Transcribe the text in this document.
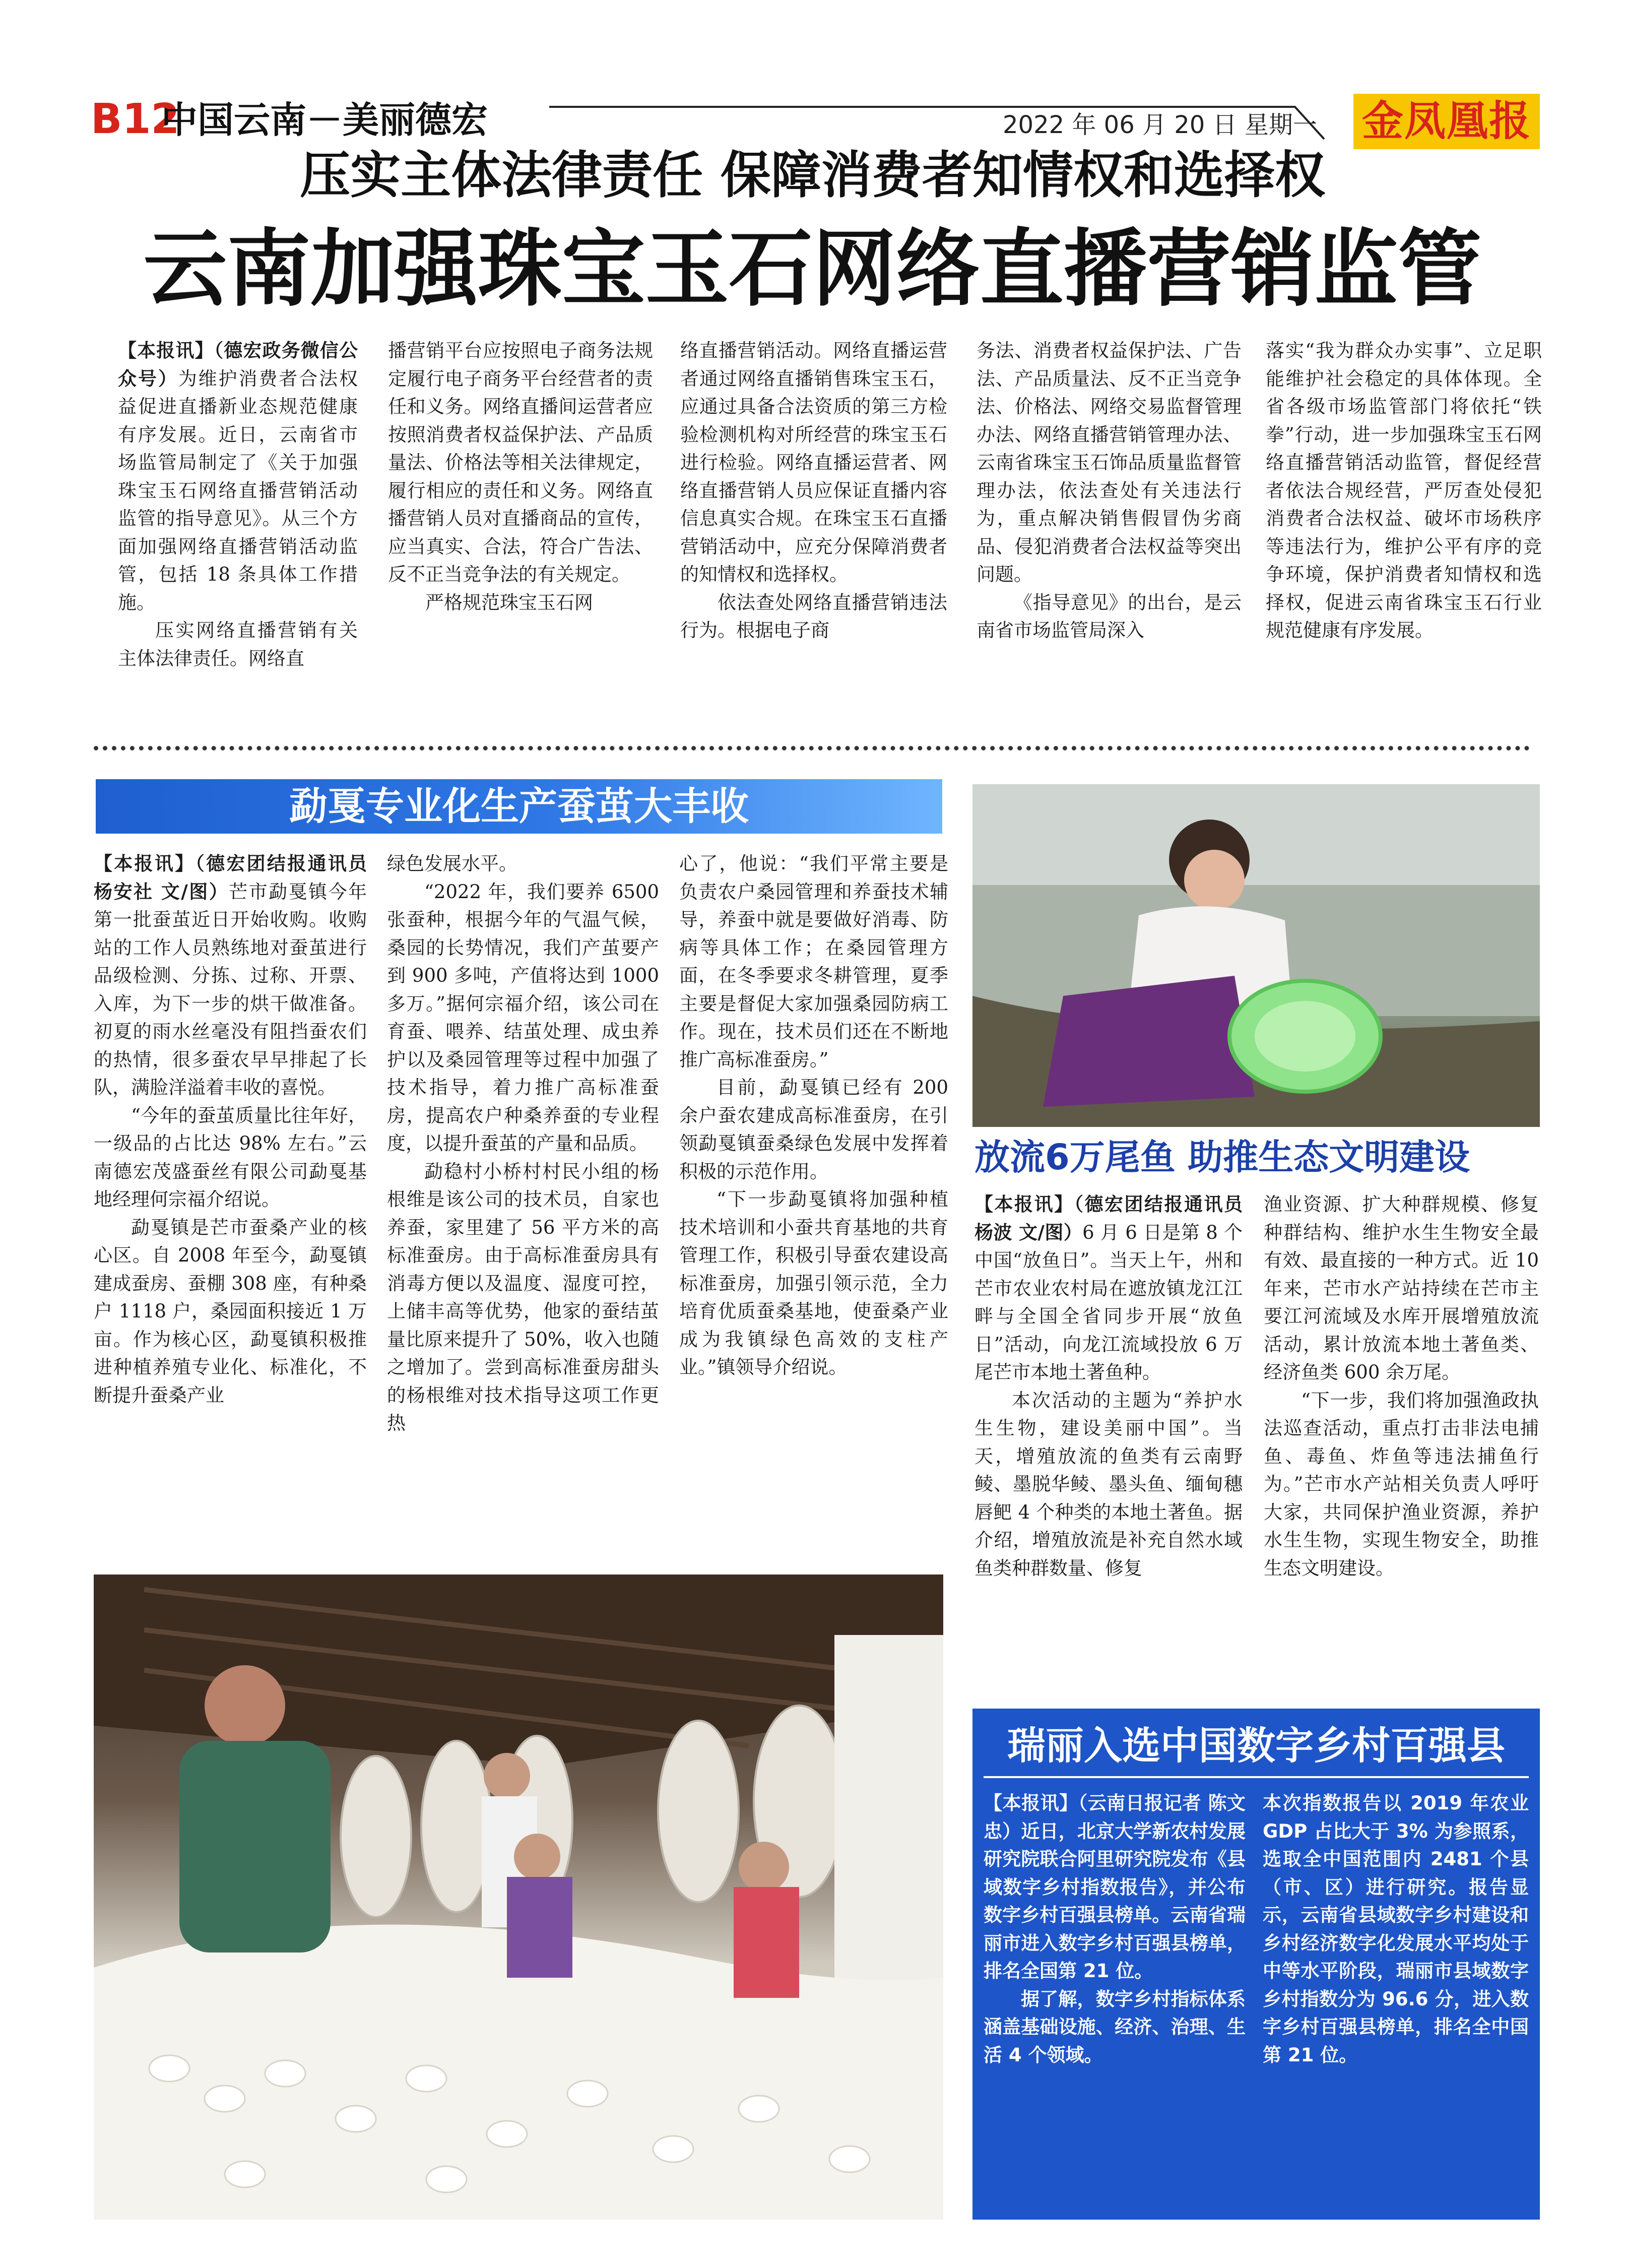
B12
中国云南－美丽德宏	2022 年 06 月 20 日 星期一 金凤凰报
压实主体法律责任 保障消费者知情权和选择权
云南加强珠宝玉石网络直播营销监管

【本报讯】（德宏政务微信公众号）为维护消费者合法权益促进直播新业态规范健康有序发展。近日，云南省市场监管局制定了《关于加强珠宝玉石网络直播营销活动监管的指导意见》。从三个方面加强网络直播营销活动监管，包括 18 条具体工作措施。

压实网络直播营销有关主体法律责任。网络直

播营销平台应按照电子商务法规定履行电子商务平台经营者的责任和义务。网络直播间运营者应按照消费者权益保护法、产品质量法、价格法等相关法律规定，履行相应的责任和义务。网络直播营销人员对直播商品的宣传，应当真实、合法，符合广告法、反不正当竞争法的有关规定。

严格规范珠宝玉石网

络直播营销活动。网络直播运营者通过网络直播销售珠宝玉石，应通过具备合法资质的第三方检验检测机构对所经营的珠宝玉石进行检验。网络直播运营者、网络直播营销人员应保证直播内容信息真实合规。在珠宝玉石直播营销活动中，应充分保障消费者的知情权和选择权。

依法查处网络直播营销违法行为。根据电子商

务法、消费者权益保护法、广告法、产品质量法、反不正当竞争法、价格法、网络交易监督管理办法、网络直播营销管理办法、云南省珠宝玉石饰品质量监督管理办法，依法查处有关违法行为，重点解决销售假冒伪劣商品、侵犯消费者合法权益等突出问题。

《指导意见》的出台，是云南省市场监管局深入

落实“我为群众办实事”、立足职能维护社会稳定的具体体现。全省各级市场监管部门将依托“铁拳”行动，进一步加强珠宝玉石网络直播营销活动监管，督促经营者依法合规经营，严厉查处侵犯消费者合法权益、破坏市场秩序等违法行为，维护公平有序的竞争环境，保护消费者知情权和选择权，促进云南省珠宝玉石行业规范健康有序发展。

勐戛专业化生产蚕茧大丰收

【本报讯】（德宏团结报通讯员 杨安社 文/图）芒市勐戛镇今年第一批蚕茧近日开始收购。收购站的工作人员熟练地对蚕茧进行品级检测、分拣、过称、开票、入库，为下一步的烘干做准备。初夏的雨水丝毫没有阻挡蚕农们的热情，很多蚕农早早排起了长队，满脸洋溢着丰收的喜悦。

“今年的蚕茧质量比往年好，一级品的占比达 98% 左右。”云南德宏茂盛蚕丝有限公司勐戛基地经理何宗福介绍说。

勐戛镇是芒市蚕桑产业的核心区。自 2008 年至今，勐戛镇建成蚕房、蚕棚 308 座，有种桑户 1118 户，桑园面积接近 1 万亩。作为核心区，勐戛镇积极推进种植养殖专业化、标准化，不断提升蚕桑产业

绿色发展水平。

“2022 年，我们要养 6500 张蚕种，根据今年的气温气候，桑园的长势情况，我们产茧要产到 900 多吨，产值将达到 1000 多万。”据何宗福介绍，该公司在育蚕、喂养、结茧处理、成虫养护以及桑园管理等过程中加强了技术指导，着力推广高标准蚕房，提高农户种桑养蚕的专业程度，以提升蚕茧的产量和品质。

勐稳村小桥村村民小组的杨根维是该公司的技术员，自家也养蚕，家里建了 56 平方米的高标准蚕房。由于高标准蚕房具有消毒方便以及温度、湿度可控，上储丰高等优势，他家的蚕结茧量比原来提升了 50%，收入也随之增加了。尝到高标准蚕房甜头的杨根维对技术指导这项工作更热

心了，他说：“我们平常主要是负责农户桑园管理和养蚕技术辅导，养蚕中就是要做好消毒、防病等具体工作；在桑园管理方面，在冬季要求冬耕管理，夏季主要是督促大家加强桑园防病工作。现在，技术员们还在不断地推广高标准蚕房。”

目前，勐戛镇已经有 200 余户蚕农建成高标准蚕房，在引领勐戛镇蚕桑绿色发展中发挥着积极的示范作用。

“下一步勐戛镇将加强种植技术培训和小蚕共育基地的共育管理工作，积极引导蚕农建设高标准蚕房，加强引领示范，全力培育优质蚕桑基地，使蚕桑产业成为我镇绿色高效的支柱产业。”镇领导介绍说。

放流6万尾鱼 助推生态文明建设

【本报讯】（德宏团结报通讯员 杨波 文/图）6 月 6 日是第 8 个中国“放鱼日”。当天上午，州和芒市农业农村局在遮放镇龙江江畔与全国全省同步开展“放鱼日”活动，向龙江流域投放 6 万尾芒市本地土著鱼种。

本次活动的主题为“养护水生生物，建设美丽中国”。当天，增殖放流的鱼类有云南野鲮、墨脱华鲮、墨头鱼、缅甸穗唇鲃 4 个种类的本地土著鱼。据介绍，增殖放流是补充自然水域鱼类种群数量、修复

渔业资源、扩大种群规模、修复种群结构、维护水生生物安全最有效、最直接的一种方式。近 10 年来，芒市水产站持续在芒市主要江河流域及水库开展增殖放流活动，累计放流本地土著鱼类、经济鱼类 600 余万尾。

“下一步，我们将加强渔政执法巡查活动，重点打击非法电捕鱼、毒鱼、炸鱼等违法捕鱼行为。”芒市水产站相关负责人呼吁大家，共同保护渔业资源，养护水生生物，实现生物安全，助推生态文明建设。

瑞丽入选中国数字乡村百强县

【本报讯】（云南日报记者 陈文忠）近日，北京大学新农村发展研究院联合阿里研究院发布《县域数字乡村指数报告》，并公布数字乡村百强县榜单。云南省瑞丽市进入数字乡村百强县榜单，排名全国第 21 位。

据了解，数字乡村指标体系涵盖基础设施、经济、治理、生活 4 个领域。

本次指数报告以 2019 年农业 GDP 占比大于 3% 为参照系，选取全中国范围内 2481 个县（市、区）进行研究。报告显示，云南省县域数字乡村建设和乡村经济数字化发展水平均处于中等水平阶段，瑞丽市县域数字乡村指数分为 96.6 分，进入数字乡村百强县榜单，排名全中国第 21 位。
